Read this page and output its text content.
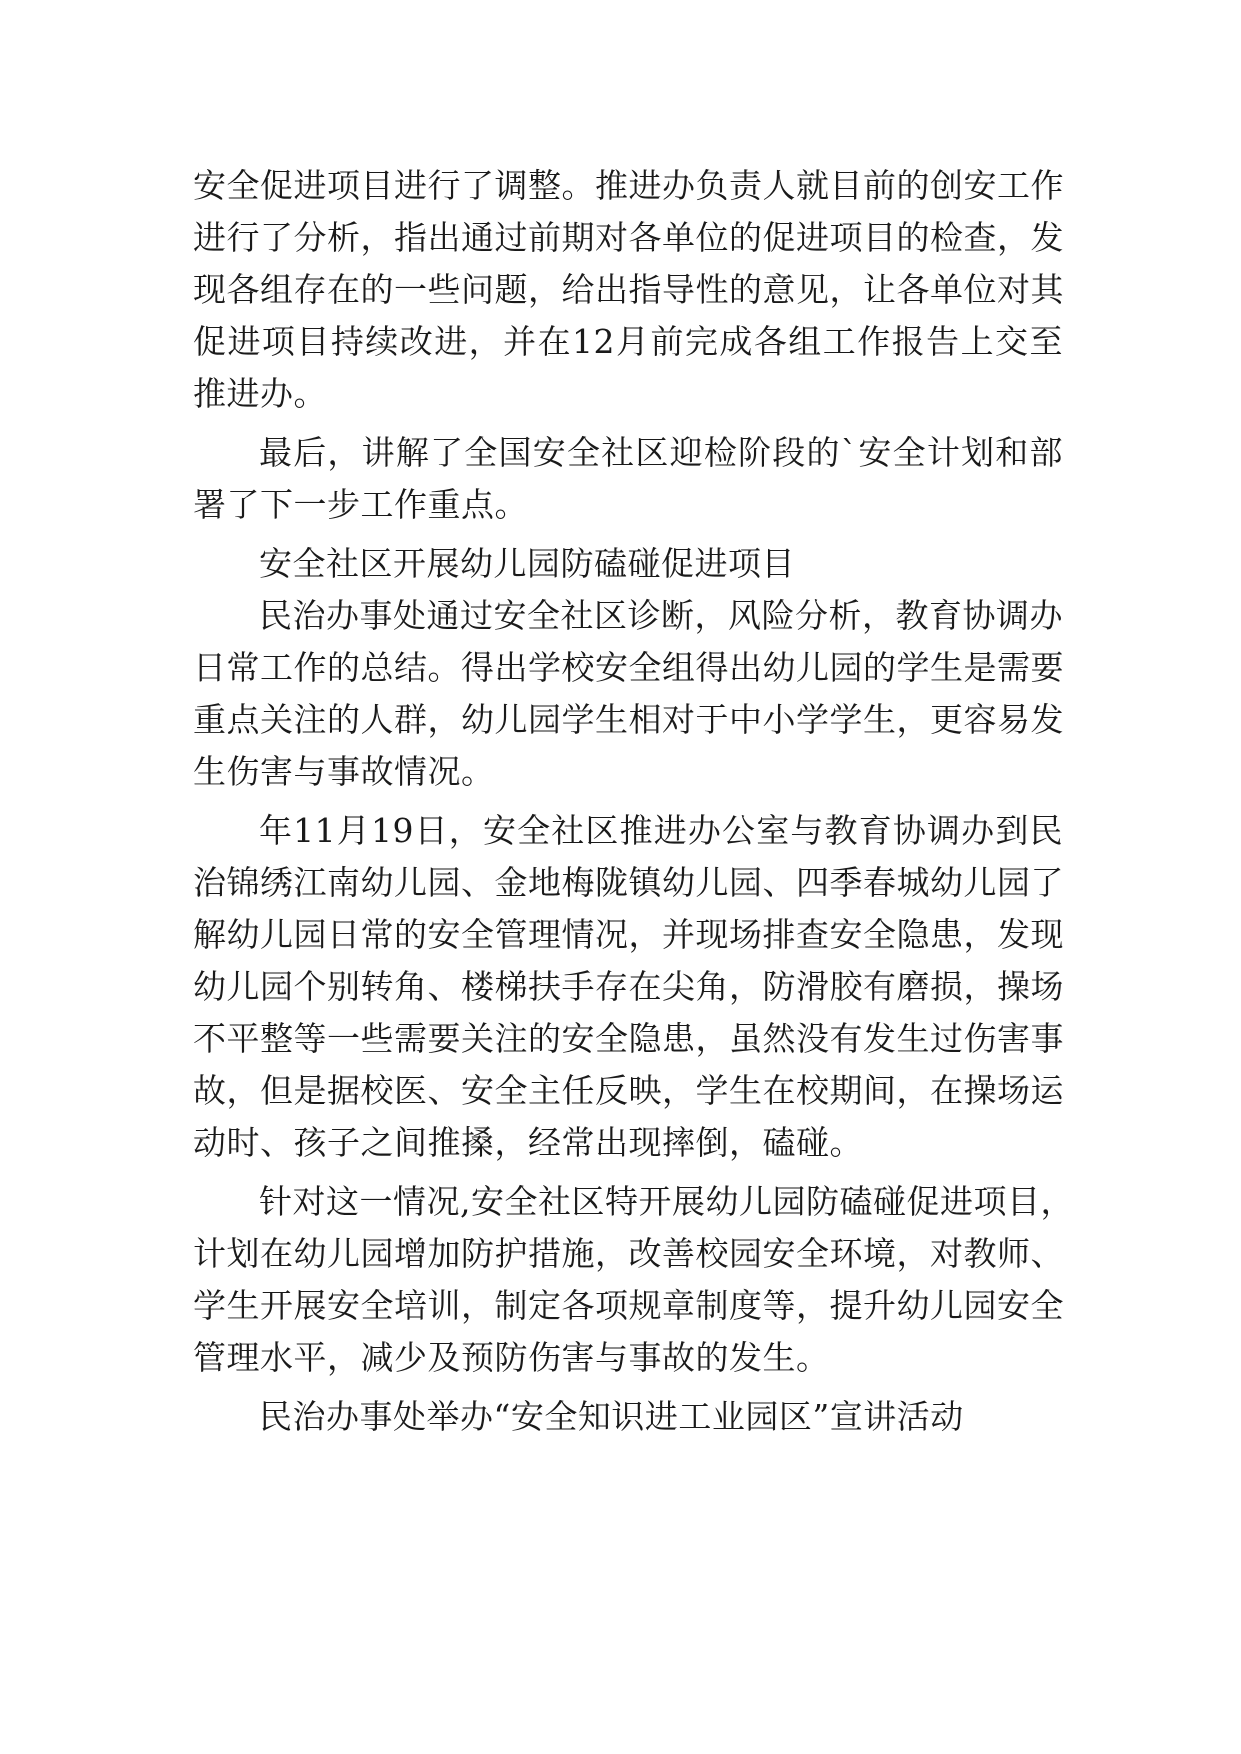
安全促进项目进行了调整。推进办负责人就目前的创安工作
进行了分析，指出通过前期对各单位的促进项目的检查，发
现各组存在的一些问题，给出指导性的意见，让各单位对其
促进项目持续改进，并在12月前完成各组工作报告上交至
推进办。
最后，讲解了全国安全社区迎检阶段的`安全计划和部
署了下一步工作重点。
安全社区开展幼儿园防磕碰促进项目
民治办事处通过安全社区诊断，风险分析，教育协调办
日常工作的总结。得出学校安全组得出幼儿园的学生是需要
重点关注的人群，幼儿园学生相对于中小学学生，更容易发
生伤害与事故情况。
年11月19日，安全社区推进办公室与教育协调办到民
治锦绣江南幼儿园、金地梅陇镇幼儿园、四季春城幼儿园了
解幼儿园日常的安全管理情况，并现场排查安全隐患，发现
幼儿园个别转角、楼梯扶手存在尖角，防滑胶有磨损，操场
不平整等一些需要关注的安全隐患，虽然没有发生过伤害事
故，但是据校医、安全主任反映，学生在校期间，在操场运
动时、孩子之间推搡，经常出现摔倒，磕碰。
针对这一情况,安全社区特开展幼儿园防磕碰促进项目，
计划在幼儿园增加防护措施，改善校园安全环境，对教师、
学生开展安全培训，制定各项规章制度等，提升幼儿园安全
管理水平，减少及预防伤害与事故的发生。
民治办事处举办“安全知识进工业园区”宣讲活动
